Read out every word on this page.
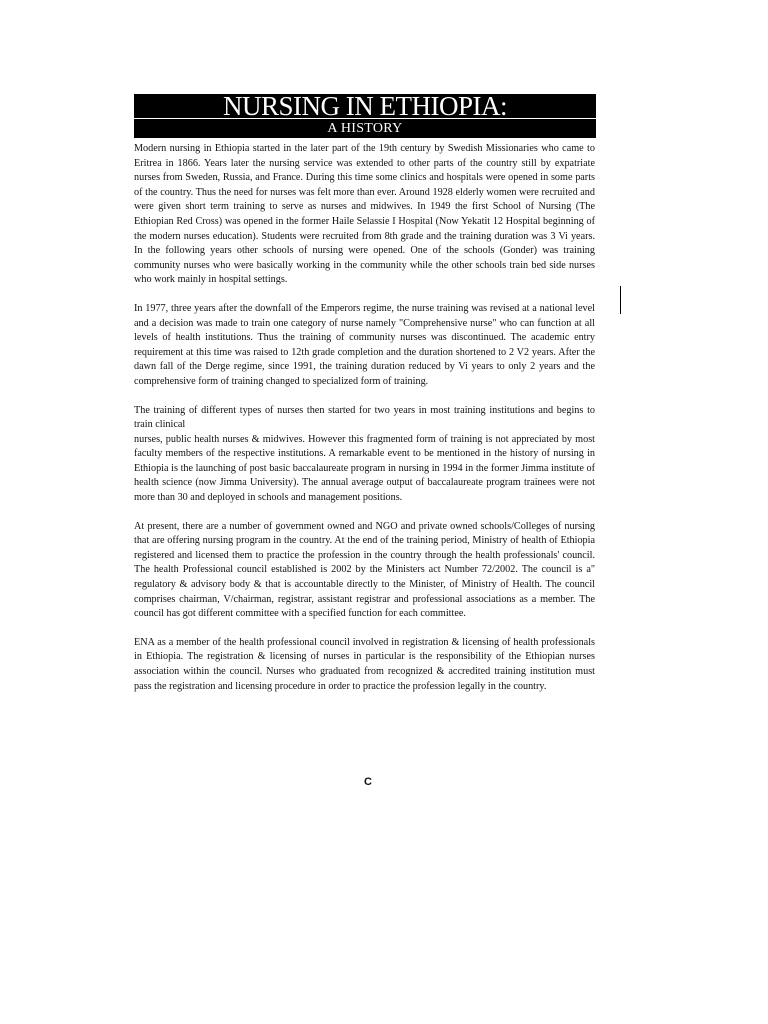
NURSING IN ETHIOPIA:
A HISTORY

Modern nursing in Ethiopia started in the later part of the 19th century by Swedish Missionaries who came to Eritrea in 1866. Years later the nursing service was extended to other parts of the country still by expatriate nurses from Sweden, Russia, and France. During this time some clinics and hospitals were opened in some parts of the country. Thus the need for nurses was felt more than ever. Around 1928 elderly women were recruited and were given short term training to serve as nurses and midwives. In 1949 the first School of Nursing (The Ethiopian Red Cross) was opened in the former Haile Selassie I Hospital (Now Yekatit 12 Hospital beginning of the modern nurses education). Students were recruited from 8th grade and the training duration was 3 Vi years. In the following years other schools of nursing were opened. One of the schools (Gonder) was training community nurses who were basically working in the community while the other schools train bed side nurses who work mainly in hospital settings.

In 1977, three years after the downfall of the Emperors regime, the nurse training was revised at a national level and a decision was made to train one category of nurse namely "Comprehensive nurse" who can function at all levels of health institutions. Thus the training of community nurses was discontinued. The academic entry requirement at this time was raised to 12th grade completion and the duration shortened to 2 V2 years. After the dawn fall of the Derge regime, since 1991, the training duration reduced by Vi years to only 2 years and the comprehensive form of training changed to specialized form of training.

The training of different types of nurses then started for two years in most training institutions and begins to train clinical

nurses, public health nurses & midwives. However this fragmented form of training is not appreciated by most faculty members of the respective institutions. A remarkable event to be mentioned in the history of nursing in Ethiopia is the launching of post basic baccalaureate program in nursing in 1994 in the former Jimma institute of health science (now Jimma University). The annual average output of baccalaureate program trainees were not more than 30 and deployed in schools and management positions.

At present, there are a number of government owned and NGO and private owned schools/Colleges of nursing that are offering nursing program in the country. At the end of the training period, Ministry of health of Ethiopia registered and licensed them to practice the profession in the country through the health professionals' council. The health Professional council established is 2002 by the Ministers act Number 72/2002. The council is a" regulatory & advisory body & that is accountable directly to the Minister, of Ministry of Health. The council comprises chairman, V/chairman, registrar, assistant registrar and professional associations as a member. The council has got different committee with a specified function for each committee.

ENA as a member of the health professional council involved in registration & licensing of health professionals in Ethiopia. The registration & licensing of nurses in particular is the responsibility of the Ethiopian nurses association within the council. Nurses who graduated from recognized & accredited training institution must pass the registration and licensing procedure in order to practice the profession legally in the country.

C
